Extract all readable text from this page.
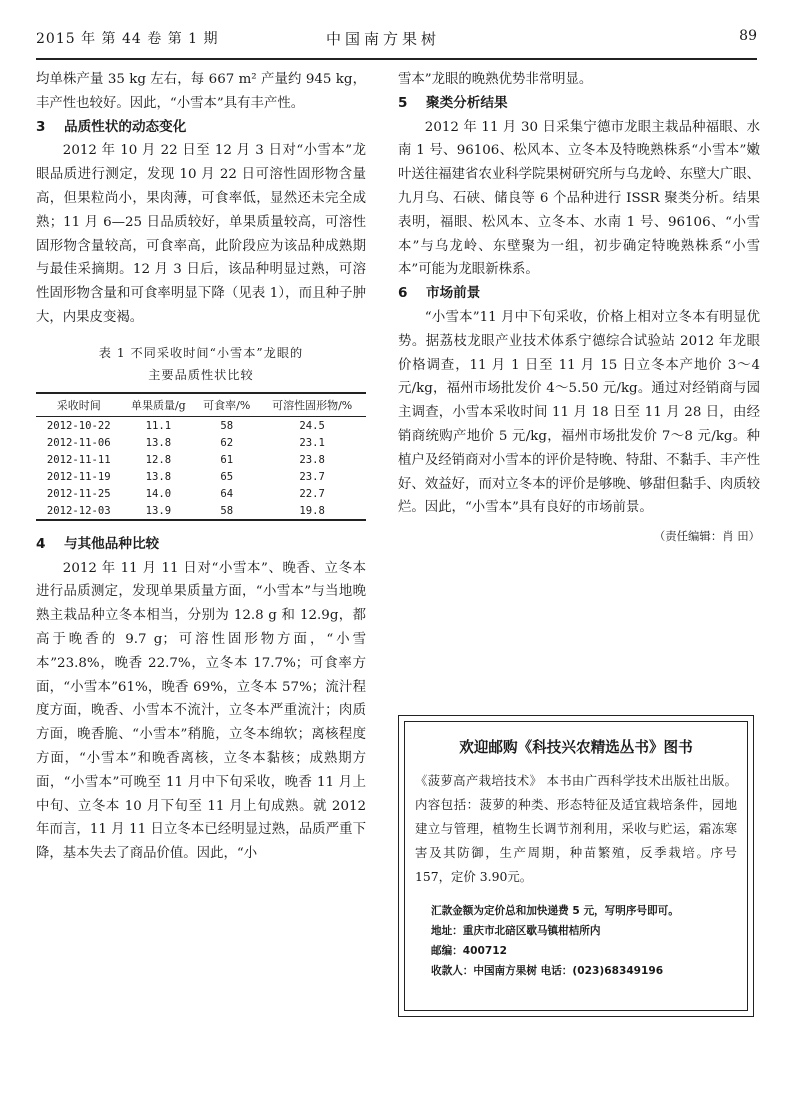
2015 年 第 44 卷 第 1 期	中国南方果树	89

均单株产量 35 kg 左右，每 667 m² 产量约 945 kg，丰产性也较好。因此，“小雪本”具有丰产性。

3 品质性状的动态变化

2012 年 10 月 22 日至 12 月 3 日对“小雪本”龙眼品质进行测定，发现 10 月 22 日可溶性固形物含量高，但果粒尚小，果肉薄，可食率低，显然还未完全成熟；11 月 6—25 日品质较好，单果质量较高，可溶性固形物含量较高，可食率高，此阶段应为该品种成熟期与最佳采摘期。12 月 3 日后，该品种明显过熟，可溶性固形物含量和可食率明显下降（见表 1），而且种子肿大，内果皮变褐。

表 1 不同采收时间“小雪本”龙眼的
主要品质性状比较
采收时间	单果质量/g	可食率/%	可溶性固形物/%
2012-10-22	11.1	58	24.5
2012-11-06	13.8	62	23.1
2012-11-11	12.8	61	23.8
2012-11-19	13.8	65	23.7
2012-11-25	14.0	64	22.7
2012-12-03	13.9	58	19.8
4 与其他品种比较

2012 年 11 月 11 日对“小雪本”、晚香、立冬本进行品质测定，发现单果质量方面，“小雪本”与当地晚熟主栽品种立冬本相当，分别为 12.8 g 和 12.9g，都高于晚香的 9.7 g；可溶性固形物方面，“小雪本”23.8%，晚香 22.7%，立冬本 17.7%；可食率方面，“小雪本”61%，晚香 69%，立冬本 57%；流汁程度方面，晚香、小雪本不流汁，立冬本严重流汁；肉质方面，晚香脆、“小雪本”稍脆，立冬本绵软；离核程度方面，“小雪本”和晚香离核，立冬本黏核；成熟期方面，“小雪本”可晚至 11 月中下旬采收，晚香 11 月上中旬、立冬本 10 月下旬至 11 月上旬成熟。就 2012 年而言，11 月 11 日立冬本已经明显过熟，品质严重下降，基本失去了商品价值。因此，“小

雪本”龙眼的晚熟优势非常明显。

5 聚类分析结果

2012 年 11 月 30 日采集宁德市龙眼主栽品种福眼、水南 1 号、96106、松风本、立冬本及特晚熟株系“小雪本”嫩叶送往福建省农业科学院果树研究所与乌龙岭、东壁大广眼、九月乌、石硖、储良等 6 个品种进行 ISSR 聚类分析。结果表明，福眼、松风本、立冬本、水南 1 号、96106、“小雪本”与乌龙岭、东壁聚为一组，初步确定特晚熟株系“小雪本”可能为龙眼新株系。

6 市场前景

“小雪本”11 月中下旬采收，价格上相对立冬本有明显优势。据荔枝龙眼产业技术体系宁德综合试验站 2012 年龙眼价格调查，11 月 1 日至 11 月 15 日立冬本产地价 3～4 元/kg，福州市场批发价 4～5.50 元/kg。通过对经销商与园主调查，小雪本采收时间 11 月 18 日至 11 月 28 日，由经销商统购产地价 5 元/kg，福州市场批发价 7～8 元/kg。种植户及经销商对小雪本的评价是特晚、特甜、不黏手、丰产性好、效益好，而对立冬本的评价是够晚、够甜但黏手、肉质较烂。因此，“小雪本”具有良好的市场前景。

（责任编辑：肖 田）
欢迎邮购《科技兴农精选丛书》图书

《菠萝高产栽培技术》 本书由广西科学技术出版社出版。内容包括：菠萝的种类、形态特征及适宜栽培条件，园地建立与管理，植物生长调节剂利用，采收与贮运，霜冻寒害及其防御，生产周期，种苗繁殖，反季栽培。序号 157，定价 3.90元。

汇款金额为定价总和加快递费 5 元，写明序号即可。
地址：重庆市北碚区歇马镇柑桔所内
邮编：400712
收款人：中国南方果树 电话：(023)68349196
